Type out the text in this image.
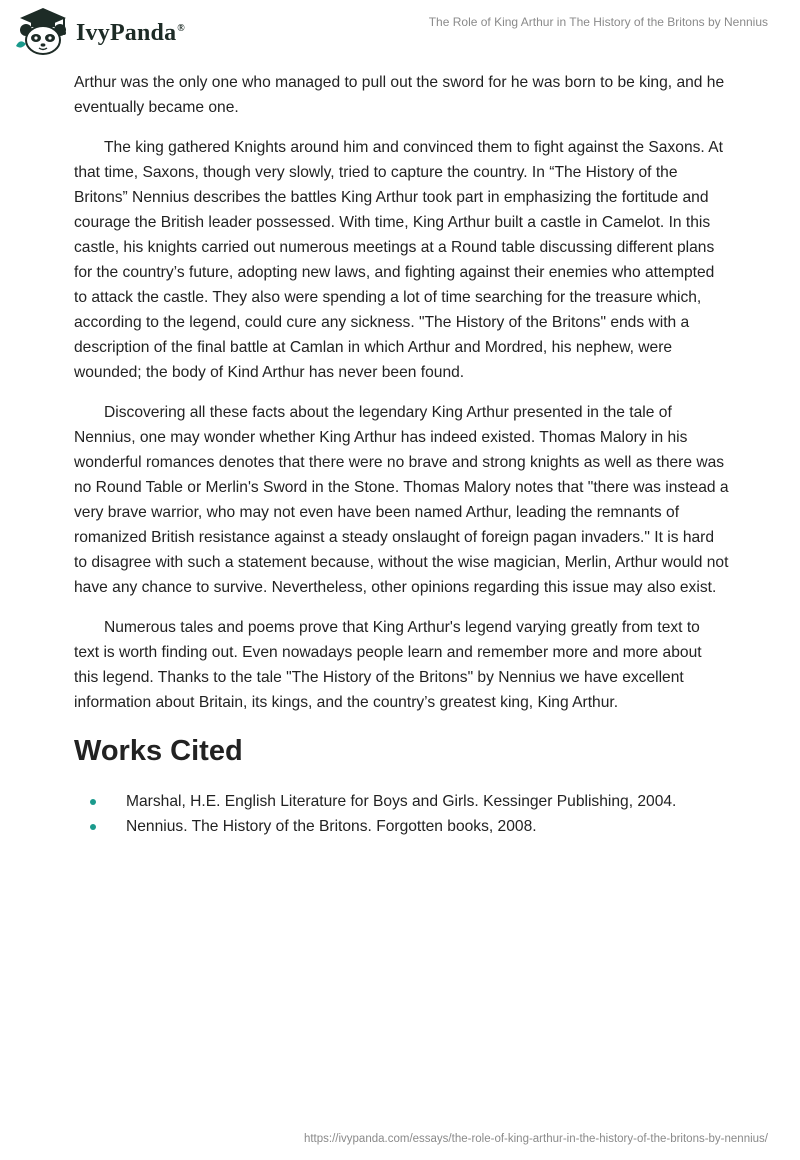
IvyPanda®	The Role of King Arthur in The History of the Britons by Nennius

Arthur was the only one who managed to pull out the sword for he was born to be king, and he eventually became one.

The king gathered Knights around him and convinced them to fight against the Saxons. At that time, Saxons, though very slowly, tried to capture the country. In “The History of the Britons” Nennius describes the battles King Arthur took part in emphasizing the fortitude and courage the British leader possessed. With time, King Arthur built a castle in Camelot. In this castle, his knights carried out numerous meetings at a Round table discussing different plans for the country’s future, adopting new laws, and fighting against their enemies who attempted to attack the castle. They also were spending a lot of time searching for the treasure which, according to the legend, could cure any sickness. "The History of the Britons" ends with a description of the final battle at Camlan in which Arthur and Mordred, his nephew, were wounded; the body of Kind Arthur has never been found.

Discovering all these facts about the legendary King Arthur presented in the tale of Nennius, one may wonder whether King Arthur has indeed existed. Thomas Malory in his wonderful romances denotes that there were no brave and strong knights as well as there was no Round Table or Merlin's Sword in the Stone. Thomas Malory notes that "there was instead a very brave warrior, who may not even have been named Arthur, leading the remnants of romanized British resistance against a steady onslaught of foreign pagan invaders." It is hard to disagree with such a statement because, without the wise magician, Merlin, Arthur would not have any chance to survive. Nevertheless, other opinions regarding this issue may also exist.

Numerous tales and poems prove that King Arthur's legend varying greatly from text to text is worth finding out. Even nowadays people learn and remember more and more about this legend. Thanks to the tale "The History of the Britons" by Nennius we have excellent information about Britain, its kings, and the country’s greatest king, King Arthur.

Works Cited
Marshal, H.E. English Literature for Boys and Girls. Kessinger Publishing, 2004.
Nennius. The History of the Britons. Forgotten books, 2008.
https://ivypanda.com/essays/the-role-of-king-arthur-in-the-history-of-the-britons-by-nennius/
